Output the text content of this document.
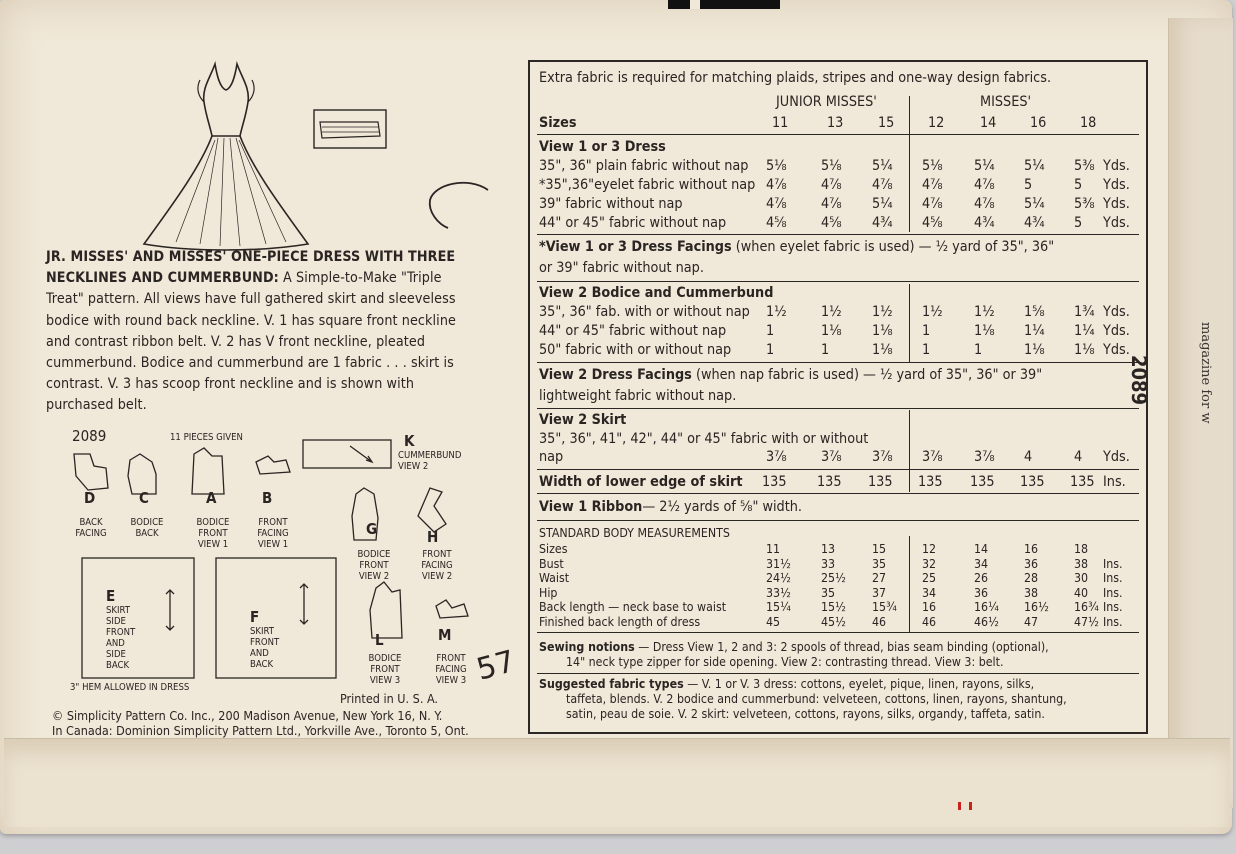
JR. MISSES' AND MISSES' ONE-PIECE DRESS WITH THREE NECKLINES AND CUMMERBUND: A Simple-to-Make "Triple Treat" pattern. All views have full gathered skirt and sleeveless bodice with round back neckline. V. 1 has square front neckline and contrast ribbon belt. V. 2 has V front neckline, pleated cummerbund. Bodice and cummerbund are 1 fabric . . . skirt is contrast. V. 3 has scoop front neckline and is shown with purchased belt.
2089	11 PIECES GIVEN
57
K
CUMMERBUND VIEW 2
D
BACK FACING
C
BODICE BACK
A
BODICE FRONT VIEW 1
B
FRONT FACING VIEW 1
G
BODICE FRONT VIEW 2
H
FRONT FACING VIEW 2
E
SKIRT SIDE FRONT AND SIDE BACK
F
SKIRT FRONT AND BACK
L
BODICE FRONT VIEW 3
M
FRONT FACING VIEW 3
3" HEM ALLOWED IN DRESS
Printed in U. S. A.
© Simplicity Pattern Co. Inc., 200 Madison Avenue, New York 16, N. Y.
In Canada: Dominion Simplicity Pattern Ltd., Yorkville Ave., Toronto 5, Ont.
2089	magazine for w
Extra fabric is required for matching plaids, stripes and one-way design fabrics.
JUNIOR MISSES'	MISSES'
Sizes	11	13 15 12 14 16 18
View 1 or 3 Dress
35", 36" plain fabric without nap 5⅛ 5⅛ 5¼ 5⅛ 5¼ 5¼ 5⅜ Yds.
*35",36"eyelet fabric without nap 4⅞ 4⅞ 4⅞ 4⅞ 4⅞ 5	5 Yds.
39" fabric without nap	4⅞ 4⅞ 5¼ 4⅞ 4⅞ 5¼ 5⅜ Yds.
44" or 45" fabric without nap	4⅝ 4⅝ 4¾ 4⅝ 4¾ 4¾ 5 Yds.
*View 1 or 3 Dress Facings (when eyelet fabric is used) — ½ yard of 35", 36"
or 39" fabric without nap.
View 2 Bodice and Cummerbund
35", 36" fab. with or without nap 1½ 1½ 1½ 1½ 1½ 1⅝ 1¾ Yds.
44" or 45" fabric without nap	1	1⅛ 1⅛ 1	1⅛ 1¼ 1¼ Yds.
50" fabric with or without nap 1	1	1⅛ 1	1	1⅛ 1⅛ Yds.
View 2 Dress Facings (when nap fabric is used) — ½ yard of 35", 36" or 39"
lightweight fabric without nap.
View 2 Skirt
35", 36", 41", 42", 44" or 45" fabric with or without
nap	3⅞ 3⅞ 3⅞ 3⅞ 3⅞ 4	4 Yds.
Width of lower edge of skirt 135 135 135 135 135 135 135 Ins.
View 1 Ribbon— 2½ yards of ⅝" width.
STANDARD BODY MEASUREMENTS
Sizes	11	13	15	12	14	16	18
Bust	31½ 33	35	32	34	36	38 Ins.
Waist	24½ 25½ 27	25	26	28	30 Ins.
Hip	33½ 35	37	34	36	38	40 Ins.
Back length — neck base to waist	15¼ 15½ 15¾ 16	16¼ 16½ 16¾ Ins.
Finished back length of dress	45	45½ 46	46	46½ 47	47½ Ins.
Sewing notions — Dress View 1, 2 and 3: 2 spools of thread, bias seam binding (optional),
14" neck type zipper for side opening. View 2: contrasting thread. View 3: belt.
Suggested fabric types — V. 1 or V. 3 dress: cottons, eyelet, pique, linen, rayons, silks,
taffeta, blends. V. 2 bodice and cummerbund: velveteen, cottons, linen, rayons, shantung,
satin, peau de soie. V. 2 skirt: velveteen, cottons, rayons, silks, organdy, taffeta, satin.
